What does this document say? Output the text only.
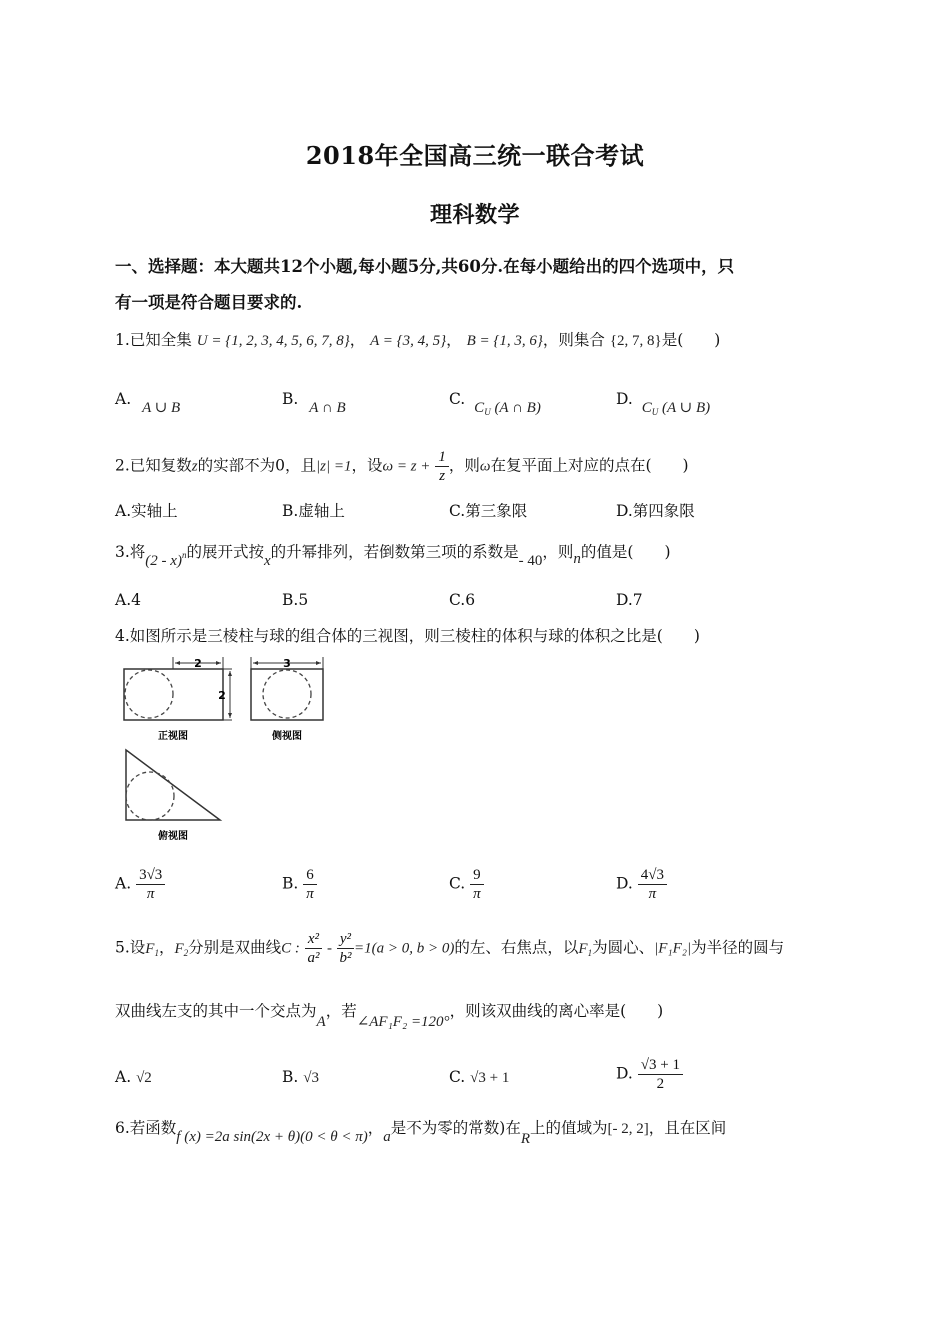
2018年全国高三统一联合考试
理科数学
一、选择题：本大题共12个小题,每小题5分,共60分.在每小题给出的四个选项中，只
有一项是符合题目要求的.
1.已知全集 U = {1, 2, 3, 4, 5, 6, 7, 8}， A = {3, 4, 5}， B = {1, 3, 6}，则集合 {2, 7, 8}是(　　)
A. A ∪ B	B. A ∩ B	C. $C_U$ (A ∩ B)	D. $C_U$ (A ∪ B)
2.已知复数z的实部不为0，且|z| =1，设$\omega = z + \frac{1}{z}$ ，则ω在复平面上对应的点在(　　)
A.实轴上	B.虚轴上	C.第三象限	D.第四象限
3.将(2 - x)$^n$的展开式按x的升幂排列，若倒数第三项的系数是- 40，则n的值是(　　)
A.4	B.5	C.6	D.7
4.如图所示是三棱柱与球的组合体的三视图，则三棱柱的体积与球的体积之比是(　　)
2
2
正视图
3
侧视图
俯视图
A. $\frac{3√3}{\pi}$	B. $\frac{6}{\pi}$	C. $\frac{9}{\pi}$	D. $\frac{4√3}{\pi}$
5.设$F_1$，$F_2$分别是双曲线C : $\frac{\text{x²}}{\text{a²}} - \frac{\text{y²}}{\text{b²}} =1(a > 0$, b > 0)的左、右焦点，以$F_1$为圆心、|F₁F₂|为半径的圆与
双曲线左支的其中一个交点为A，若∠AF₁F₂ =120°，则该双曲线的离心率是(　　)
A. √2	B. √3	C. √3 + 1	D. $\frac{√3 + 1}{2}$
6.若函数f (x) =2a sin(2x + θ)(0 < θ < π)，a是不为零的常数)在R上的值域为[- 2, 2]，且在区间
